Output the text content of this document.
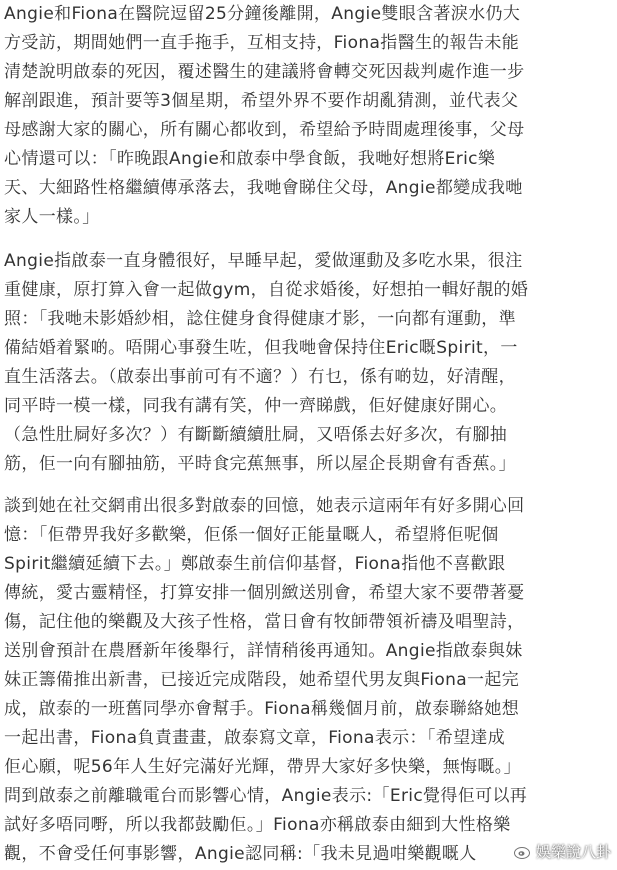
Angie和Fiona在醫院逗留25分鐘後離開，Angie雙眼含著淚水仍大
方受訪，期間她們一直手拖手，互相支持，Fiona指醫生的報告未能
清楚說明啟泰的死因，覆述醫生的建議將會轉交死因裁判處作進一步
解剖跟進，預計要等3個星期，希望外界不要作胡亂猜測，並代表父
母感謝大家的關心，所有關心都收到，希望給予時間處理後事，父母
心情還可以：「昨晚跟Angie和啟泰中學食飯，我哋好想將Eric樂
天、大細路性格繼續傳承落去，我哋會睇住父母，Angie都變成我哋
家人一樣。」

Angie指啟泰一直身體很好，早睡早起，愛做運動及多吃水果，很注
重健康，原打算入會一起做gym，自從求婚後，好想拍一輯好靚的婚
照：「我哋未影婚紗相，諗住健身食得健康才影，一向都有運動，準
備結婚着緊啲。唔開心事發生咗，但我哋會保持住Eric嘅Spirit，一
直生活落去。（啟泰出事前可有不適？）冇乜，係有啲攰，好清醒，
同平時一模一樣，同我有講有笑，仲一齊睇戲，佢好健康好開心。
（急性肚屙好多次？）有斷斷續續肚屙，又唔係去好多次，有腳抽
筋，佢一向有腳抽筋，平時食完蕉無事，所以屋企長期會有香蕉。」

談到她在社交網甫出很多對啟泰的回憶，她表示這兩年有好多開心回
憶：「佢帶畀我好多歡樂，佢係一個好正能量嘅人，希望將佢呢個
Spirit繼續延續下去。」鄭啟泰生前信仰基督，Fiona指他不喜歡跟
傳統，愛古靈精怪，打算安排一個別緻送別會，希望大家不要帶著憂
傷，記住他的樂觀及大孩子性格，當日會有牧師帶領祈禱及唱聖詩，
送別會預計在農曆新年後舉行，詳情稍後再通知。Angie指啟泰與妹
妹正籌備推出新書，已接近完成階段，她希望代男友與Fiona一起完
成，啟泰的一班舊同學亦會幫手。Fiona稱幾個月前，啟泰聯絡她想
一起出書，Fiona負責畫畫，啟泰寫文章，Fiona表示：「希望達成
佢心願，呢56年人生好完滿好光輝，帶畀大家好多快樂，無悔嘅。」
問到啟泰之前離職電台而影響心情，Angie表示:「Eric覺得佢可以再
試好多唔同嘢，所以我都鼓勵佢。」Fiona亦稱啟泰由細到大性格樂
觀，不會受任何事影響，Angie認同稱:「我未見過咁樂觀嘅人	娛樂說八卦
